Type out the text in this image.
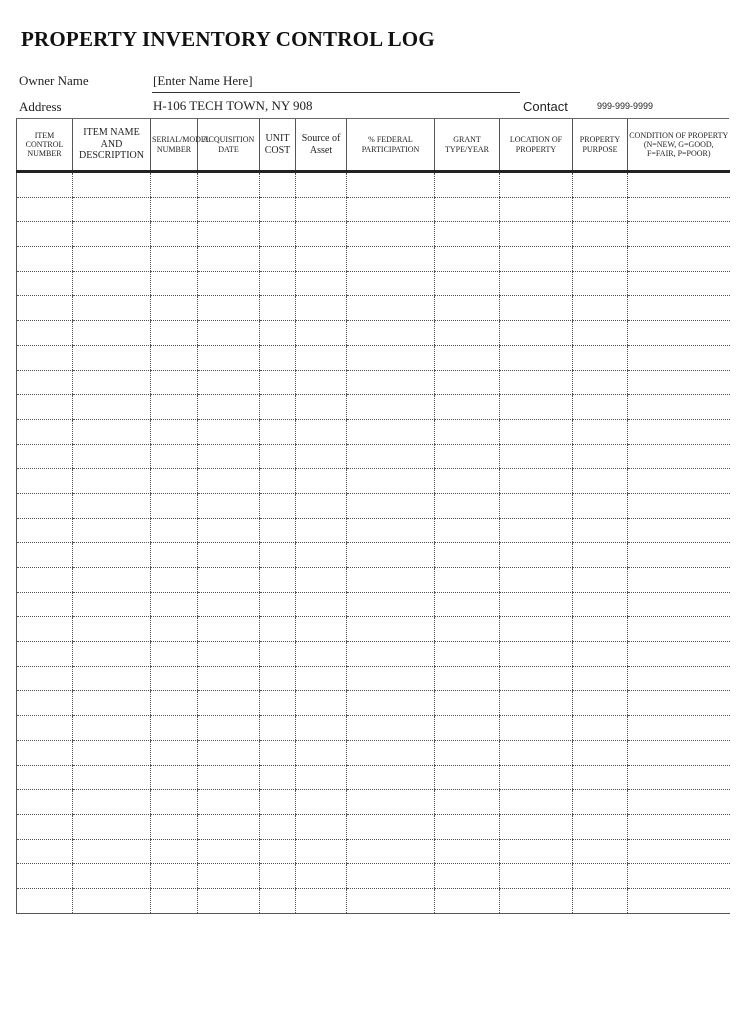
PROPERTY INVENTORY CONTROL LOG
Owner Name	[Enter Name Here]
Address	H-106 TECH TOWN, NY 908	Contact	999-999-9999
ITEM CONTROL NUMBER	ITEM NAME AND DESCRIPTION	SERIAL/MODEL NUMBER	ACQUISITION DATE	UNIT COST	Source of Asset	% FEDERAL PARTICIPATION	GRANT TYPE/YEAR	LOCATION OF PROPERTY	PROPERTY PURPOSE	CONDITION OF PROPERTY (N=NEW, G=GOOD, F=FAIR, P=POOR)
